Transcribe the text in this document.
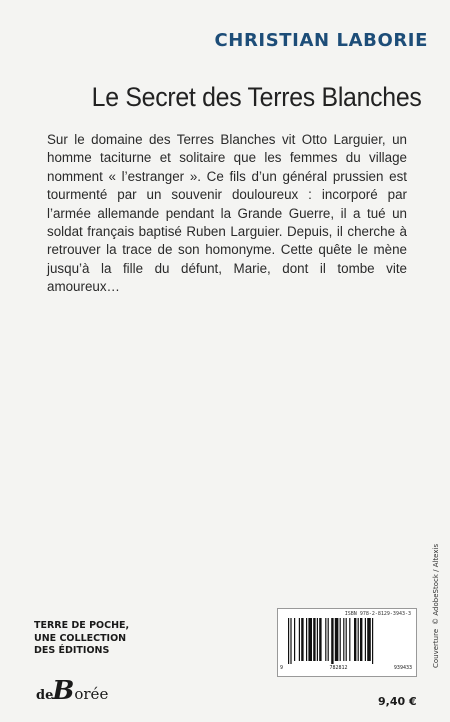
CHRISTIAN LABORIE
Le Secret des Terres Blanches
Sur le domaine des Terres Blanches vit Otto Larguier, un homme taciturne et solitaire que les femmes du village nomment « l’estranger ». Ce fils d’un général prussien est tourmenté par un souvenir douloureux : incorporé par l’armée allemande pendant la Grande Guerre, il a tué un soldat français baptisé Ruben Larguier. Depuis, il cherche à retrouver la trace de son homonyme. Cette quête le mène jusqu’à la fille du défunt, Marie, dont il tombe vite amoureux…
TERRE DE POCHE,
UNE COLLECTION
DES ÉDITIONS
de B orée
ISBN 978-2-8129-3943-3
9	782812	939433
9,40 €
Couverture© AdobeStock / Altexis
